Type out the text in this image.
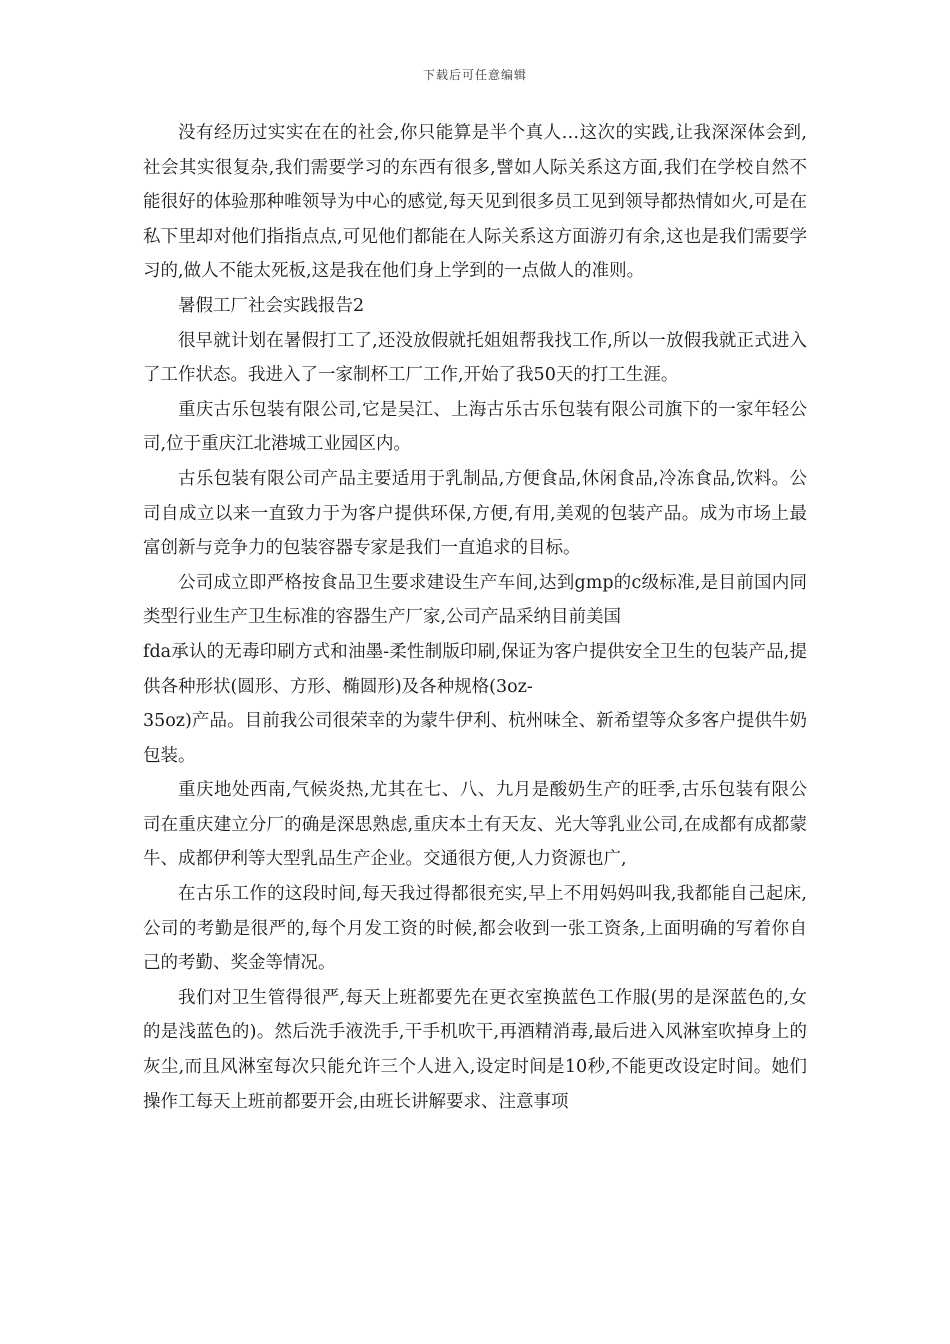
下载后可任意编辑

没有经历过实实在在的社会,你只能算是半个真人…这次的实践,让我深深体会到,社会其实很复杂,我们需要学习的东西有很多,譬如人际关系这方面,我们在学校自然不能很好的体验那种唯领导为中心的感觉,每天见到很多员工见到领导都热情如火,可是在私下里却对他们指指点点,可见他们都能在人际关系这方面游刃有余,这也是我们需要学习的,做人不能太死板,这是我在他们身上学到的一点做人的准则。

暑假工厂社会实践报告2

很早就计划在暑假打工了,还没放假就托姐姐帮我找工作,所以一放假我就正式进入了工作状态。我进入了一家制杯工厂工作,开始了我50天的打工生涯。

重庆古乐包装有限公司,它是吴江、上海古乐古乐包装有限公司旗下的一家年轻公司,位于重庆江北港城工业园区内。

古乐包装有限公司产品主要适用于乳制品,方便食品,休闲食品,冷冻食品,饮料。公司自成立以来一直致力于为客户提供环保,方便,有用,美观的包装产品。成为市场上最富创新与竞争力的包装容器专家是我们一直追求的目标。

公司成立即严格按食品卫生要求建设生产车间,达到gmp的c级标准,是目前国内同类型行业生产卫生标准的容器生产厂家,公司产品采纳目前美国

fda承认的无毒印刷方式和油墨-柔性制版印刷,保证为客户提供安全卫生的包装产品,提供各种形状(圆形、方形、椭圆形)及各种规格(3oz-

35oz)产品。目前我公司很荣幸的为蒙牛伊利、杭州味全、新希望等众多客户提供牛奶包装。

重庆地处西南,气候炎热,尤其在七、八、九月是酸奶生产的旺季,古乐包装有限公司在重庆建立分厂的确是深思熟虑,重庆本土有天友、光大等乳业公司,在成都有成都蒙牛、成都伊利等大型乳品生产企业。交通很方便,人力资源也广,

在古乐工作的这段时间,每天我过得都很充实,早上不用妈妈叫我,我都能自己起床,公司的考勤是很严的,每个月发工资的时候,都会收到一张工资条,上面明确的写着你自己的考勤、奖金等情况。

我们对卫生管得很严,每天上班都要先在更衣室换蓝色工作服(男的是深蓝色的,女的是浅蓝色的)。然后洗手液洗手,干手机吹干,再酒精消毒,最后进入风淋室吹掉身上的灰尘,而且风淋室每次只能允许三个人进入,设定时间是10秒,不能更改设定时间。她们操作工每天上班前都要开会,由班长讲解要求、注意事项
